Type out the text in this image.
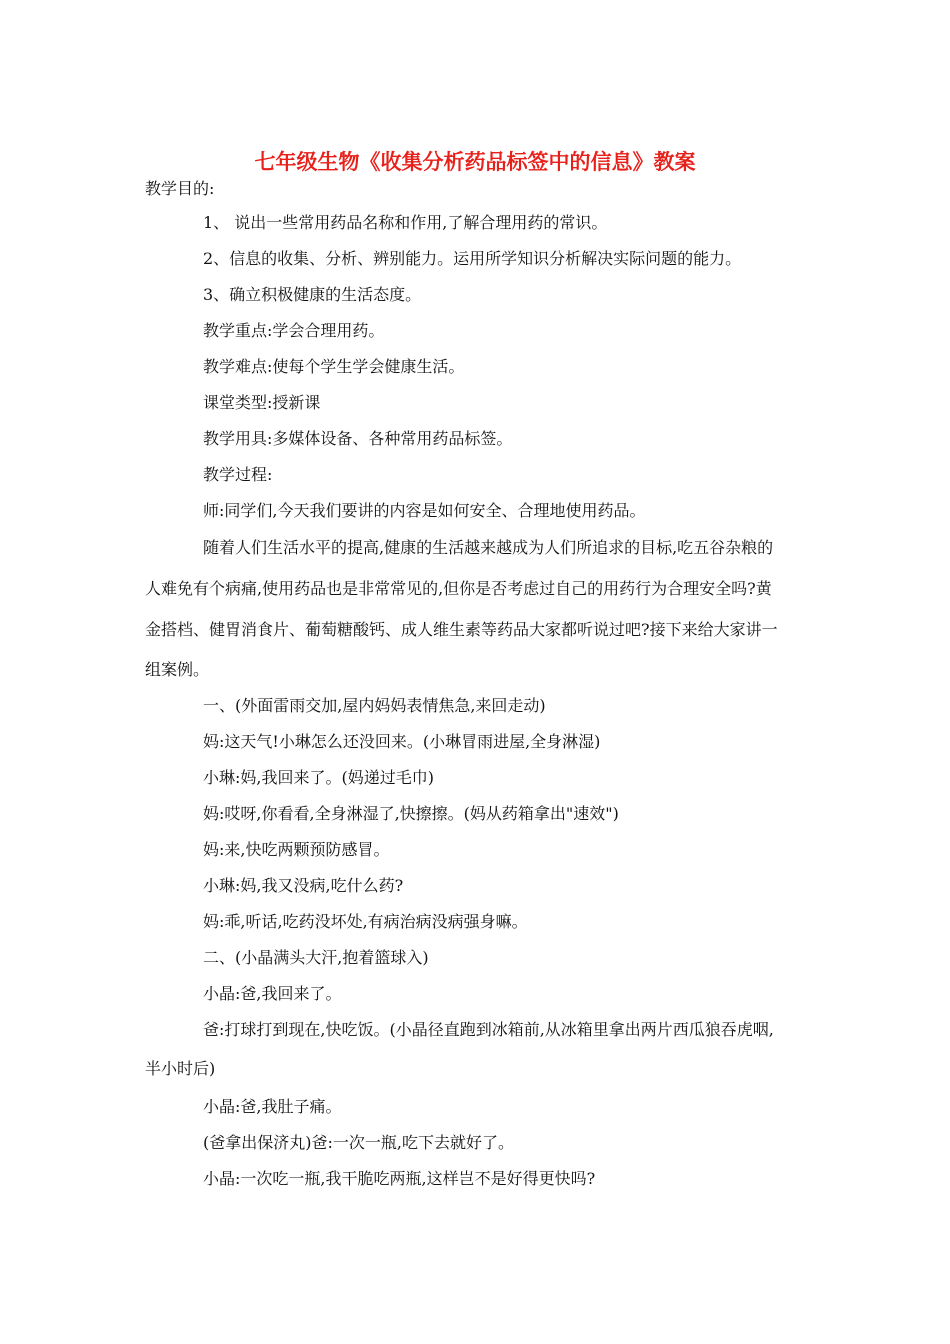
七年级生物《收集分析药品标签中的信息》教案
教学目的:
1、 说出一些常用药品名称和作用,了解合理用药的常识。
2、信息的收集、分析、辨别能力。运用所学知识分析解决实际问题的能力。
3、确立积极健康的生活态度。
教学重点:学会合理用药。
教学难点:使每个学生学会健康生活。
课堂类型:授新课
教学用具:多媒体设备、各种常用药品标签。
教学过程:
师:同学们,今天我们要讲的内容是如何安全、合理地使用药品。
随着人们生活水平的提高,健康的生活越来越成为人们所追求的目标,吃五谷杂粮的
人难免有个病痛,使用药品也是非常常见的,但你是否考虑过自己的用药行为合理安全吗?黄
金搭档、健胃消食片、葡萄糖酸钙、成人维生素等药品大家都听说过吧?接下来给大家讲一
组案例。
一、(外面雷雨交加,屋内妈妈表情焦急,来回走动)
妈:这天气!小琳怎么还没回来。(小琳冒雨进屋,全身淋湿)
小琳:妈,我回来了。(妈递过毛巾)
妈:哎呀,你看看,全身淋湿了,快擦擦。(妈从药箱拿出"速效")
妈:来,快吃两颗预防感冒。
小琳:妈,我又没病,吃什么药?
妈:乖,听话,吃药没坏处,有病治病没病强身嘛。
二、(小晶满头大汗,抱着篮球入)
小晶:爸,我回来了。
爸:打球打到现在,快吃饭。(小晶径直跑到冰箱前,从冰箱里拿出两片西瓜狼吞虎咽,
半小时后)
小晶:爸,我肚子痛。
(爸拿出保济丸)爸:一次一瓶,吃下去就好了。
小晶:一次吃一瓶,我干脆吃两瓶,这样岂不是好得更快吗?
